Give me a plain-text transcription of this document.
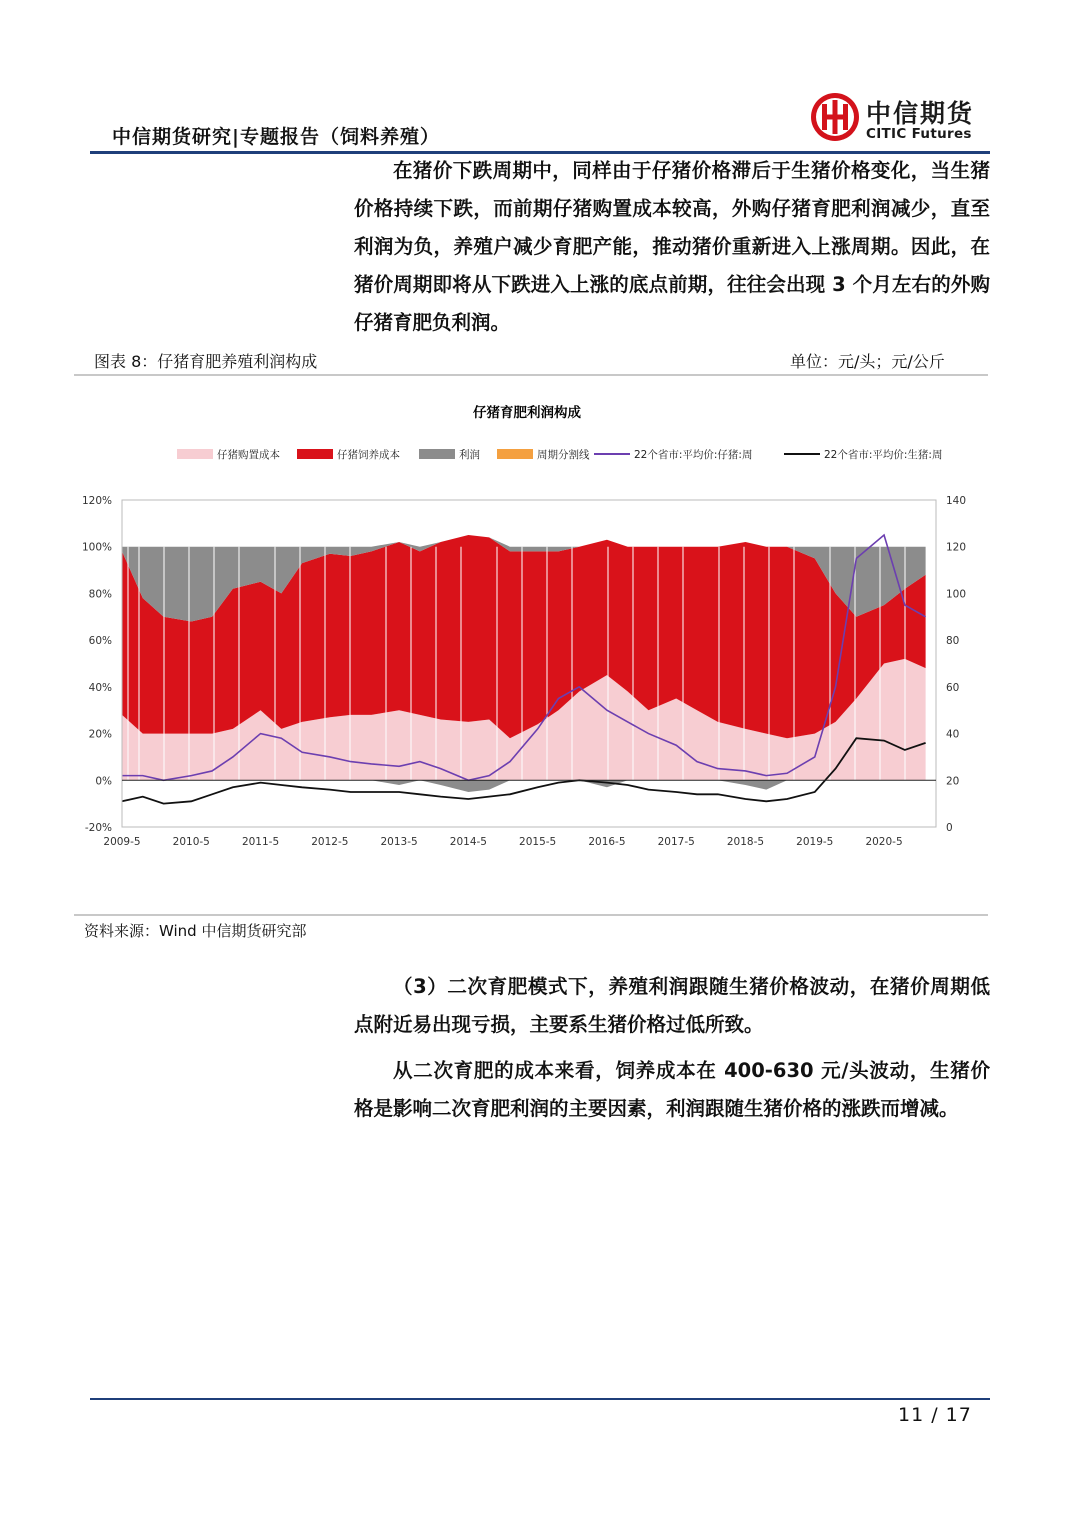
中信期货研究|专题报告（饲料养殖）
中信期货
CITIC Futures

在猪价下跌周期中，同样由于仔猪价格滞后于生猪价格变化，当生猪价格持续下跌，而前期仔猪购置成本较高，外购仔猪育肥利润减少，直至利润为负，养殖户减少育肥产能，推动猪价重新进入上涨周期。因此，在猪价周期即将从下跌进入上涨的底点前期，往往会出现 3 个月左右的外购仔猪育肥负利润。

图表 8：仔猪育肥养殖利润构成	单位：元/头；元/公斤
仔猪育肥利润构成
仔猪购置成本	仔猪饲养成本	利润	周期分割线	22个省市:平均价:仔猪:周	22个省市:平均价:生猪:周
120%
100%
80%
60%
40%
20%
0%
-20%
140
120
100
80
60
40
20
0
2009-5	2010-5	2011-5	2012-5	2013-5	2014-5	2015-5	2016-5	2017-5	2018-5	2019-5	2020-5
资料来源：Wind 中信期货研究部

（3）二次育肥模式下，养殖利润跟随生猪价格波动，在猪价周期低点附近易出现亏损，主要系生猪价格过低所致。

从二次育肥的成本来看，饲养成本在 400-630 元/头波动，生猪价格是影响二次育肥利润的主要因素，利润跟随生猪价格的涨跌而增减。

11 / 17
